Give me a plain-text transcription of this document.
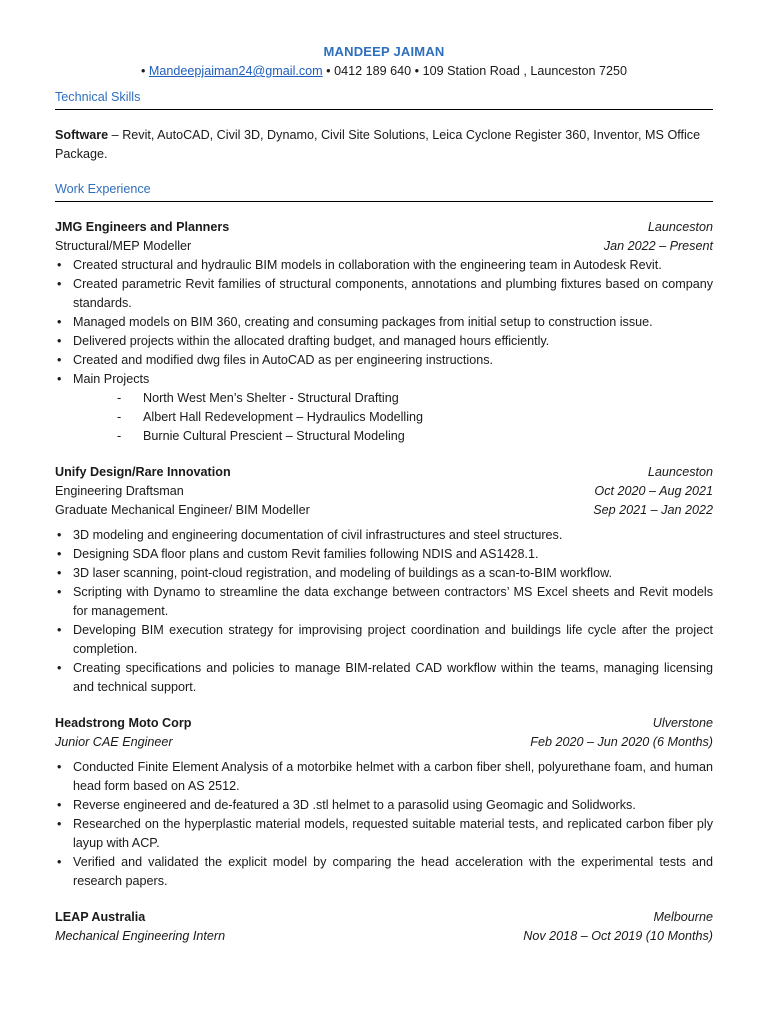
MANDEEP JAIMAN
• Mandeepjaiman24@gmail.com • 0412 189 640 • 109 Station Road , Launceston 7250
Technical Skills
Software – Revit, AutoCAD, Civil 3D, Dynamo, Civil Site Solutions, Leica Cyclone Register 360, Inventor, MS Office Package.
Work Experience
JMG Engineers and Planners	Launceston
Structural/MEP Modeller	Jan 2022 – Present
• Created structural and hydraulic BIM models in collaboration with the engineering team in Autodesk Revit.
• Created parametric Revit families of structural components, annotations and plumbing fixtures based on company standards.
• Managed models on BIM 360, creating and consuming packages from initial setup to construction issue.
• Delivered projects within the allocated drafting budget, and managed hours efficiently.
• Created and modified dwg files in AutoCAD as per engineering instructions.
• Main Projects
- North West Men’s Shelter - Structural Drafting
- Albert Hall Redevelopment – Hydraulics Modelling
- Burnie Cultural Prescient – Structural Modeling
Unify Design/Rare Innovation	Launceston
Engineering Draftsman	Oct 2020 – Aug 2021
Graduate Mechanical Engineer/ BIM Modeller	Sep 2021 – Jan 2022
• 3D modeling and engineering documentation of civil infrastructures and steel structures.
• Designing SDA floor plans and custom Revit families following NDIS and AS1428.1.
• 3D laser scanning, point-cloud registration, and modeling of buildings as a scan-to-BIM workflow.
• Scripting with Dynamo to streamline the data exchange between contractors’ MS Excel sheets and Revit models for management.
• Developing BIM execution strategy for improvising project coordination and buildings life cycle after the project completion.
• Creating specifications and policies to manage BIM-related CAD workflow within the teams, managing licensing and technical support.
Headstrong Moto Corp	Ulverstone
Junior CAE Engineer	Feb 2020 – Jun 2020 (6 Months)
• Conducted Finite Element Analysis of a motorbike helmet with a carbon fiber shell, polyurethane foam, and human head form based on AS 2512.
• Reverse engineered and de-featured a 3D .stl helmet to a parasolid using Geomagic and Solidworks.
• Researched on the hyperplastic material models, requested suitable material tests, and replicated carbon fiber ply layup with ACP.
• Verified and validated the explicit model by comparing the head acceleration with the experimental tests and research papers.
LEAP Australia	Melbourne
Mechanical Engineering Intern	Nov 2018 – Oct 2019 (10 Months)
